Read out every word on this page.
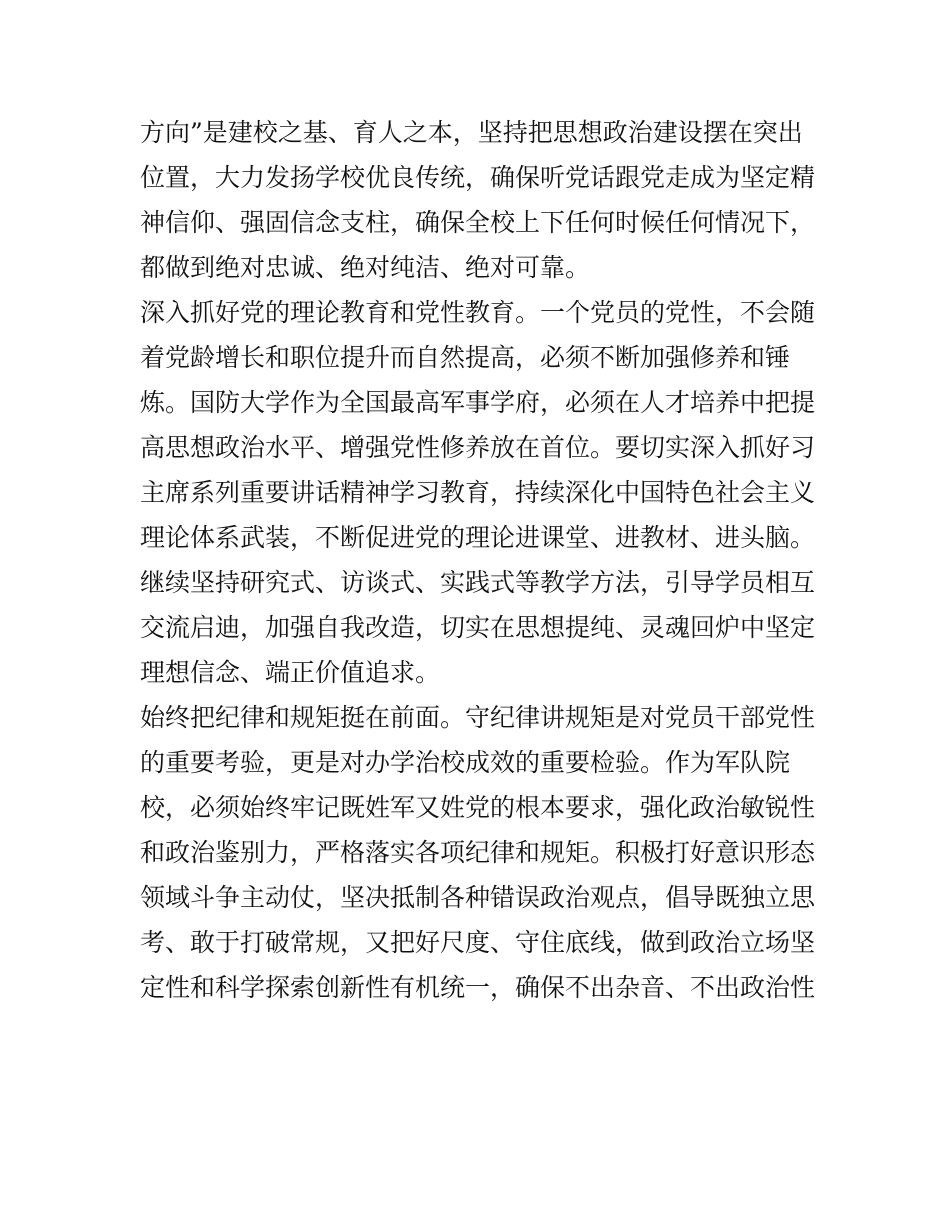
方向”是建校之基、育人之本，坚持把思想政治建设摆在突出
位置，大力发扬学校优良传统，确保听党话跟党走成为坚定精
神信仰、强固信念支柱，确保全校上下任何时候任何情况下，
都做到绝对忠诚、绝对纯洁、绝对可靠。
深入抓好党的理论教育和党性教育。一个党员的党性，不会随
着党龄增长和职位提升而自然提高，必须不断加强修养和锤
炼。国防大学作为全国最高军事学府，必须在人才培养中把提
高思想政治水平、增强党性修养放在首位。要切实深入抓好习
主席系列重要讲话精神学习教育，持续深化中国特色社会主义
理论体系武装，不断促进党的理论进课堂、进教材、进头脑。
继续坚持研究式、访谈式、实践式等教学方法，引导学员相互
交流启迪，加强自我改造，切实在思想提纯、灵魂回炉中坚定
理想信念、端正价值追求。
始终把纪律和规矩挺在前面。守纪律讲规矩是对党员干部党性
的重要考验，更是对办学治校成效的重要检验。作为军队院
校，必须始终牢记既姓军又姓党的根本要求，强化政治敏锐性
和政治鉴别力，严格落实各项纪律和规矩。积极打好意识形态
领域斗争主动仗，坚决抵制各种错误政治观点，倡导既独立思
考、敢于打破常规，又把好尺度、守住底线，做到政治立场坚
定性和科学探索创新性有机统一，确保不出杂音、不出政治性
